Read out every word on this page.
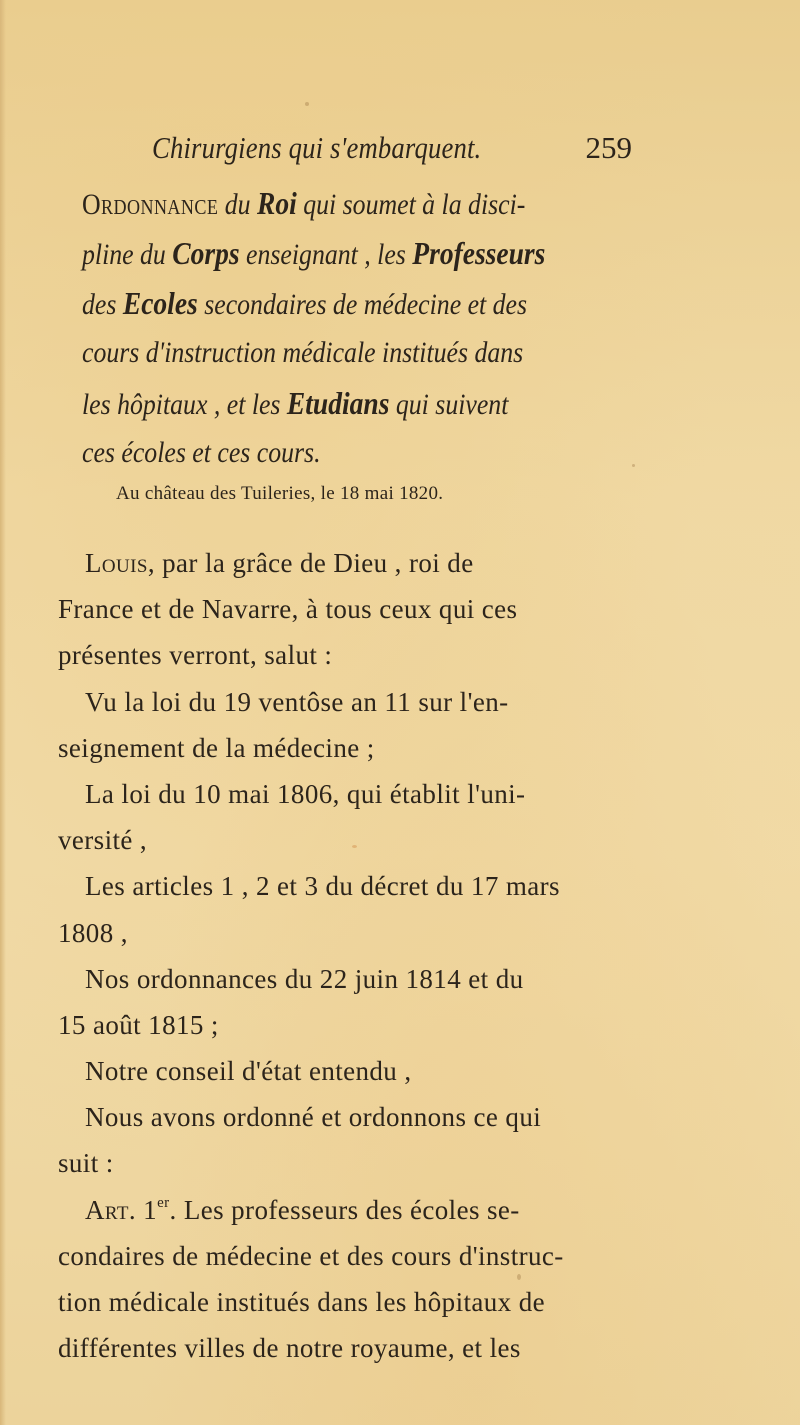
Chirurgiens qui s'embarquent.	259
Ordonnance du Roi qui soumet à la disci-
pline du Corps enseignant , les Professeurs
des Ecoles secondaires de médecine et des
cours d'instruction médicale institués dans
les hôpitaux , et les Etudians qui suivent
ces écoles et ces cours.
Au château des Tuileries, le 18 mai 1820.
Louis, par la grâce de Dieu , roi de
France et de Navarre, à tous ceux qui ces
présentes verront, salut :
Vu la loi du 19 ventôse an 11 sur l'en-
seignement de la médecine ;
La loi du 10 mai 1806, qui établit l'uni-
versité ,
Les articles 1 , 2 et 3 du décret du 17 mars
1808 ,
Nos ordonnances du 22 juin 1814 et du
15 août 1815 ;
Notre conseil d'état entendu ,
Nous avons ordonné et ordonnons ce qui
suit :
Art. 1er. Les professeurs des écoles se-
condaires de médecine et des cours d'instruc-
tion médicale institués dans les hôpitaux de
différentes villes de notre royaume, et les
